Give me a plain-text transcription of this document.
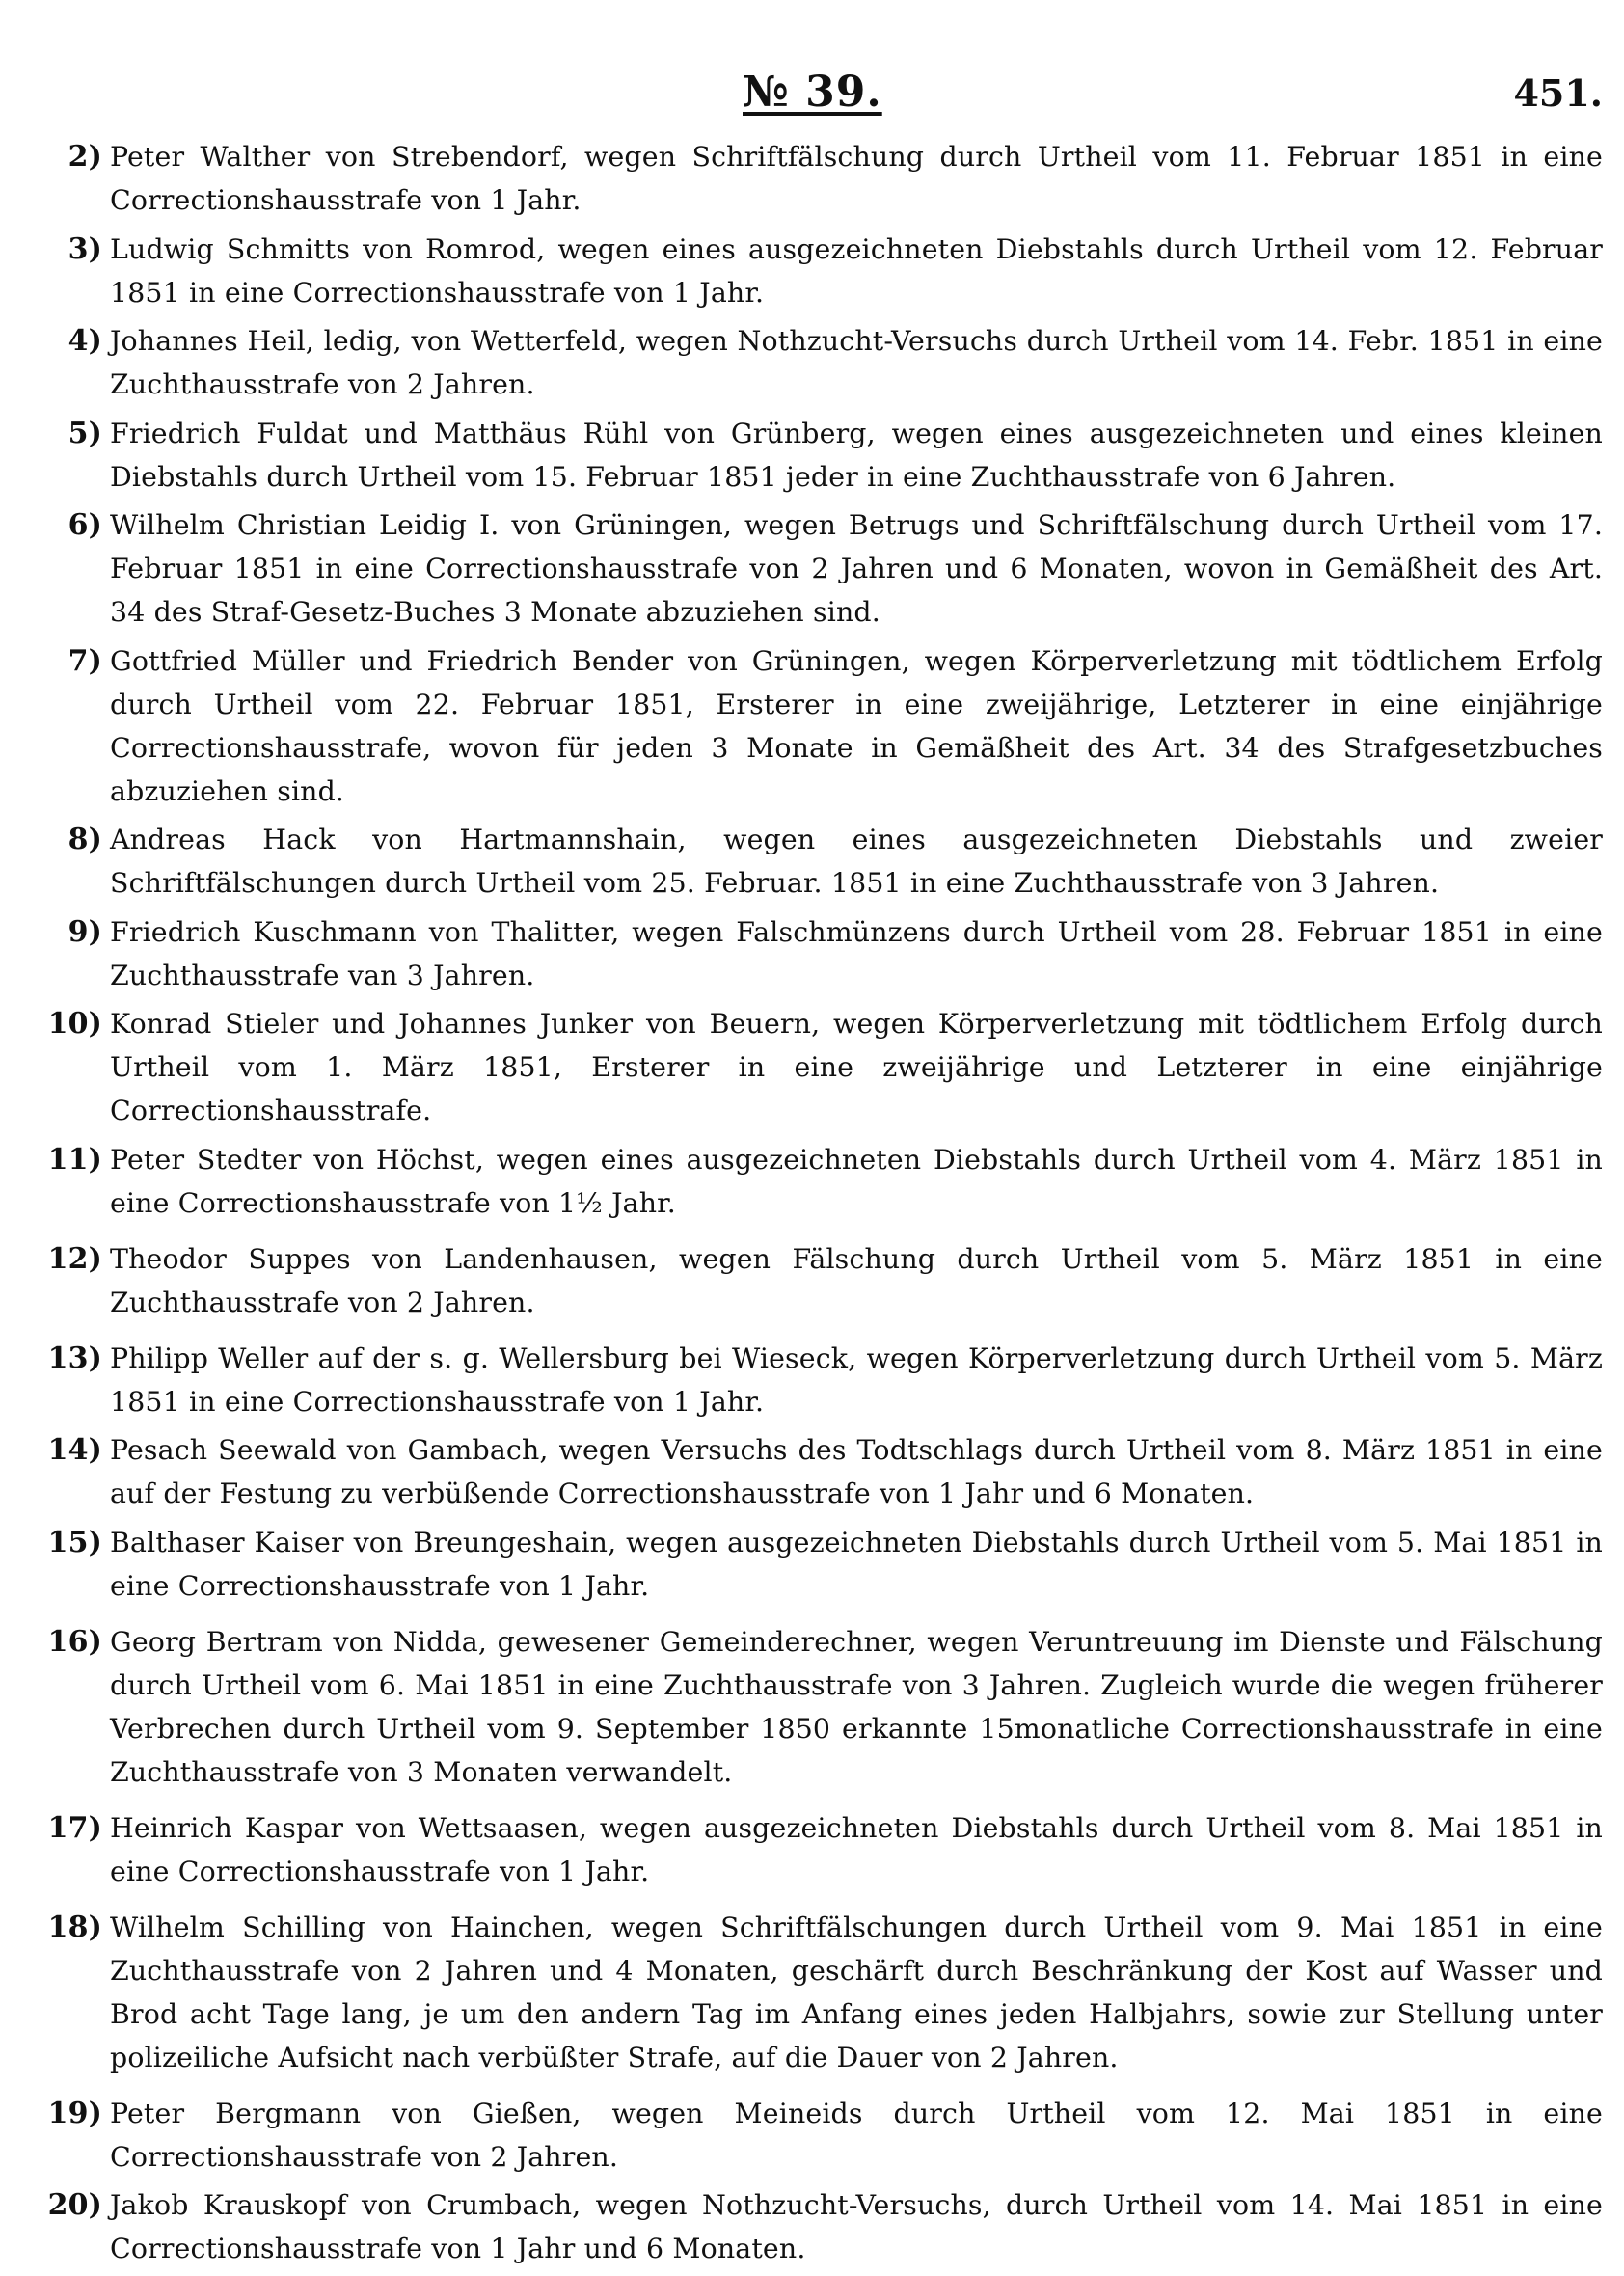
№ 39.	451.
2) Peter Walther von Strebendorf, wegen Schriftfälschung durch Urtheil vom 11. Februar 1851 in eine Correctionshausstrafe von 1 Jahr.
3) Ludwig Schmitts von Romrod, wegen eines ausgezeichneten Diebstahls durch Urtheil vom 12. Februar 1851 in eine Correctionshausstrafe von 1 Jahr.
4) Johannes Heil, ledig, von Wetterfeld, wegen Nothzucht-Versuchs durch Urtheil vom 14. Febr. 1851 in eine Zuchthausstrafe von 2 Jahren.
5) Friedrich Fuldat und Matthäus Rühl von Grünberg, wegen eines ausgezeichneten und eines kleinen Diebstahls durch Urtheil vom 15. Februar 1851 jeder in eine Zuchthausstrafe von 6 Jahren.
6) Wilhelm Christian Leidig I. von Grüningen, wegen Betrugs und Schriftfälschung durch Urtheil vom 17. Februar 1851 in eine Correctionshausstrafe von 2 Jahren und 6 Monaten, wovon in Gemäßheit des Art. 34 des Straf-Gesetz-Buches 3 Monate abzuziehen sind.
7) Gottfried Müller und Friedrich Bender von Grüningen, wegen Körperverletzung mit tödtlichem Erfolg durch Urtheil vom 22. Februar 1851, Ersterer in eine zweijährige, Letzterer in eine einjährige Correctionshausstrafe, wovon für jeden 3 Monate in Gemäßheit des Art. 34 des Strafgesetzbuches abzuziehen sind.
8) Andreas Hack von Hartmannshain, wegen eines ausgezeichneten Diebstahls und zweier Schriftfälschungen durch Urtheil vom 25. Februar. 1851 in eine Zuchthausstrafe von 3 Jahren.
9) Friedrich Kuschmann von Thalitter, wegen Falschmünzens durch Urtheil vom 28. Februar 1851 in eine Zuchthausstrafe van 3 Jahren.
10) Konrad Stieler und Johannes Junker von Beuern, wegen Körperverletzung mit tödtlichem Erfolg durch Urtheil vom 1. März 1851, Ersterer in eine zweijährige und Letzterer in eine einjährige Correctionshausstrafe.
11) Peter Stedter von Höchst, wegen eines ausgezeichneten Diebstahls durch Urtheil vom 4. März 1851 in eine Correctionshausstrafe von 1½ Jahr.
12) Theodor Suppes von Landenhausen, wegen Fälschung durch Urtheil vom 5. März 1851 in eine Zuchthausstrafe von 2 Jahren.
13) Philipp Weller auf der s. g. Wellersburg bei Wieseck, wegen Körperverletzung durch Urtheil vom 5. März 1851 in eine Correctionshausstrafe von 1 Jahr.
14) Pesach Seewald von Gambach, wegen Versuchs des Todtschlags durch Urtheil vom 8. März 1851 in eine auf der Festung zu verbüßende Correctionshausstrafe von 1 Jahr und 6 Monaten.
15) Balthaser Kaiser von Breungeshain, wegen ausgezeichneten Diebstahls durch Urtheil vom 5. Mai 1851 in eine Correctionshausstrafe von 1 Jahr.
16) Georg Bertram von Nidda, gewesener Gemeinderechner, wegen Veruntreuung im Dienste und Fälschung durch Urtheil vom 6. Mai 1851 in eine Zuchthausstrafe von 3 Jahren. Zugleich wurde die wegen früherer Verbrechen durch Urtheil vom 9. September 1850 erkannte 15monatliche Correctionshausstrafe in eine Zuchthausstrafe von 3 Monaten verwandelt.
17) Heinrich Kaspar von Wettsaasen, wegen ausgezeichneten Diebstahls durch Urtheil vom 8. Mai 1851 in eine Correctionshausstrafe von 1 Jahr.
18) Wilhelm Schilling von Hainchen, wegen Schriftfälschungen durch Urtheil vom 9. Mai 1851 in eine Zuchthausstrafe von 2 Jahren und 4 Monaten, geschärft durch Beschränkung der Kost auf Wasser und Brod acht Tage lang, je um den andern Tag im Anfang eines jeden Halbjahrs, sowie zur Stellung unter polizeiliche Aufsicht nach verbüßter Strafe, auf die Dauer von 2 Jahren.
19) Peter Bergmann von Gießen, wegen Meineids durch Urtheil vom 12. Mai 1851 in eine Correctionshausstrafe von 2 Jahren.
20) Jakob Krauskopf von Crumbach, wegen Nothzucht-Versuchs, durch Urtheil vom 14. Mai 1851 in eine Correctionshausstrafe von 1 Jahr und 6 Monaten.
